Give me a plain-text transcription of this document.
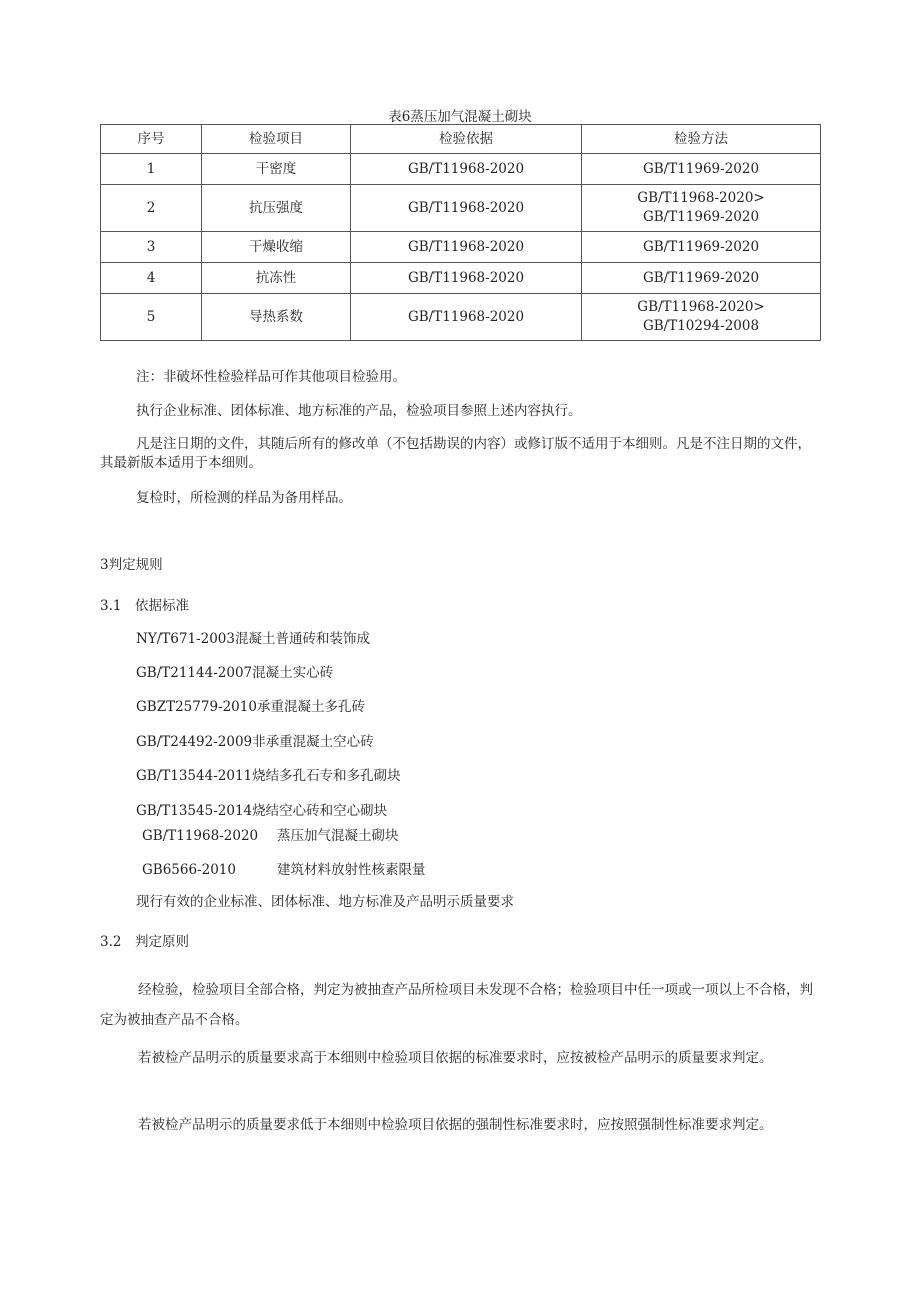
表6蒸压加气混凝土砌块
序号	检验项目	检验依据	检验方法
1	干密度	GB/T11968-2020	GB/T11969-2020

2	抗压强度	GB/T11968-2020	GB/T11968-2020>
GB/T11969-2020

3	干燥收缩	GB/T11968-2020	GB/T11969-2020

4	抗冻性	GB/T11968-2020	GB/T11969-2020

5	导热系数	GB/T11968-2020	GB/T11968-2020>
GB/T10294-2008
注：非破坏性检验样品可作其他项目检验用。
执行企业标准、团体标准、地方标准的产品，检验项目参照上述内容执行。
凡是注日期的文件，其随后所有的修改单（不包括勘误的内容）或修订版不适用于本细则。凡是不注日期的文件，其最新版本适用于本细则。
复检时，所检测的样品为备用样品。
3判定规则
3.1　依据标准
NY/T671-2003混凝土普通砖和装饰成
GB/T21144-2007混凝土实心砖
GBZT25779-2010承重混凝土多孔砖
GB/T24492-2009非承重混凝土空心砖
GB/T13544-2011烧结多孔石专和多孔砌块
GB/T13545-2014烧结空心砖和空心砌块
GB/T11968-2020 蒸压加气混凝土砌块
GB6566-2010	建筑材料放射性核素限量
现行有效的企业标准、团体标准、地方标准及产品明示质量要求
3.2　判定原则
经检验，检验项目全部合格，判定为被抽查产品所检项目未发现不合格；检验项目中任一项或一项以上不合格，判定为被抽查产品不合格。
若被检产品明示的质量要求高于本细则中检验项目依据的标准要求时，应按被检产品明示的质量要求判定。
若被检产品明示的质量要求低于本细则中检验项目依据的强制性标准要求时，应按照强制性标准要求判定。
